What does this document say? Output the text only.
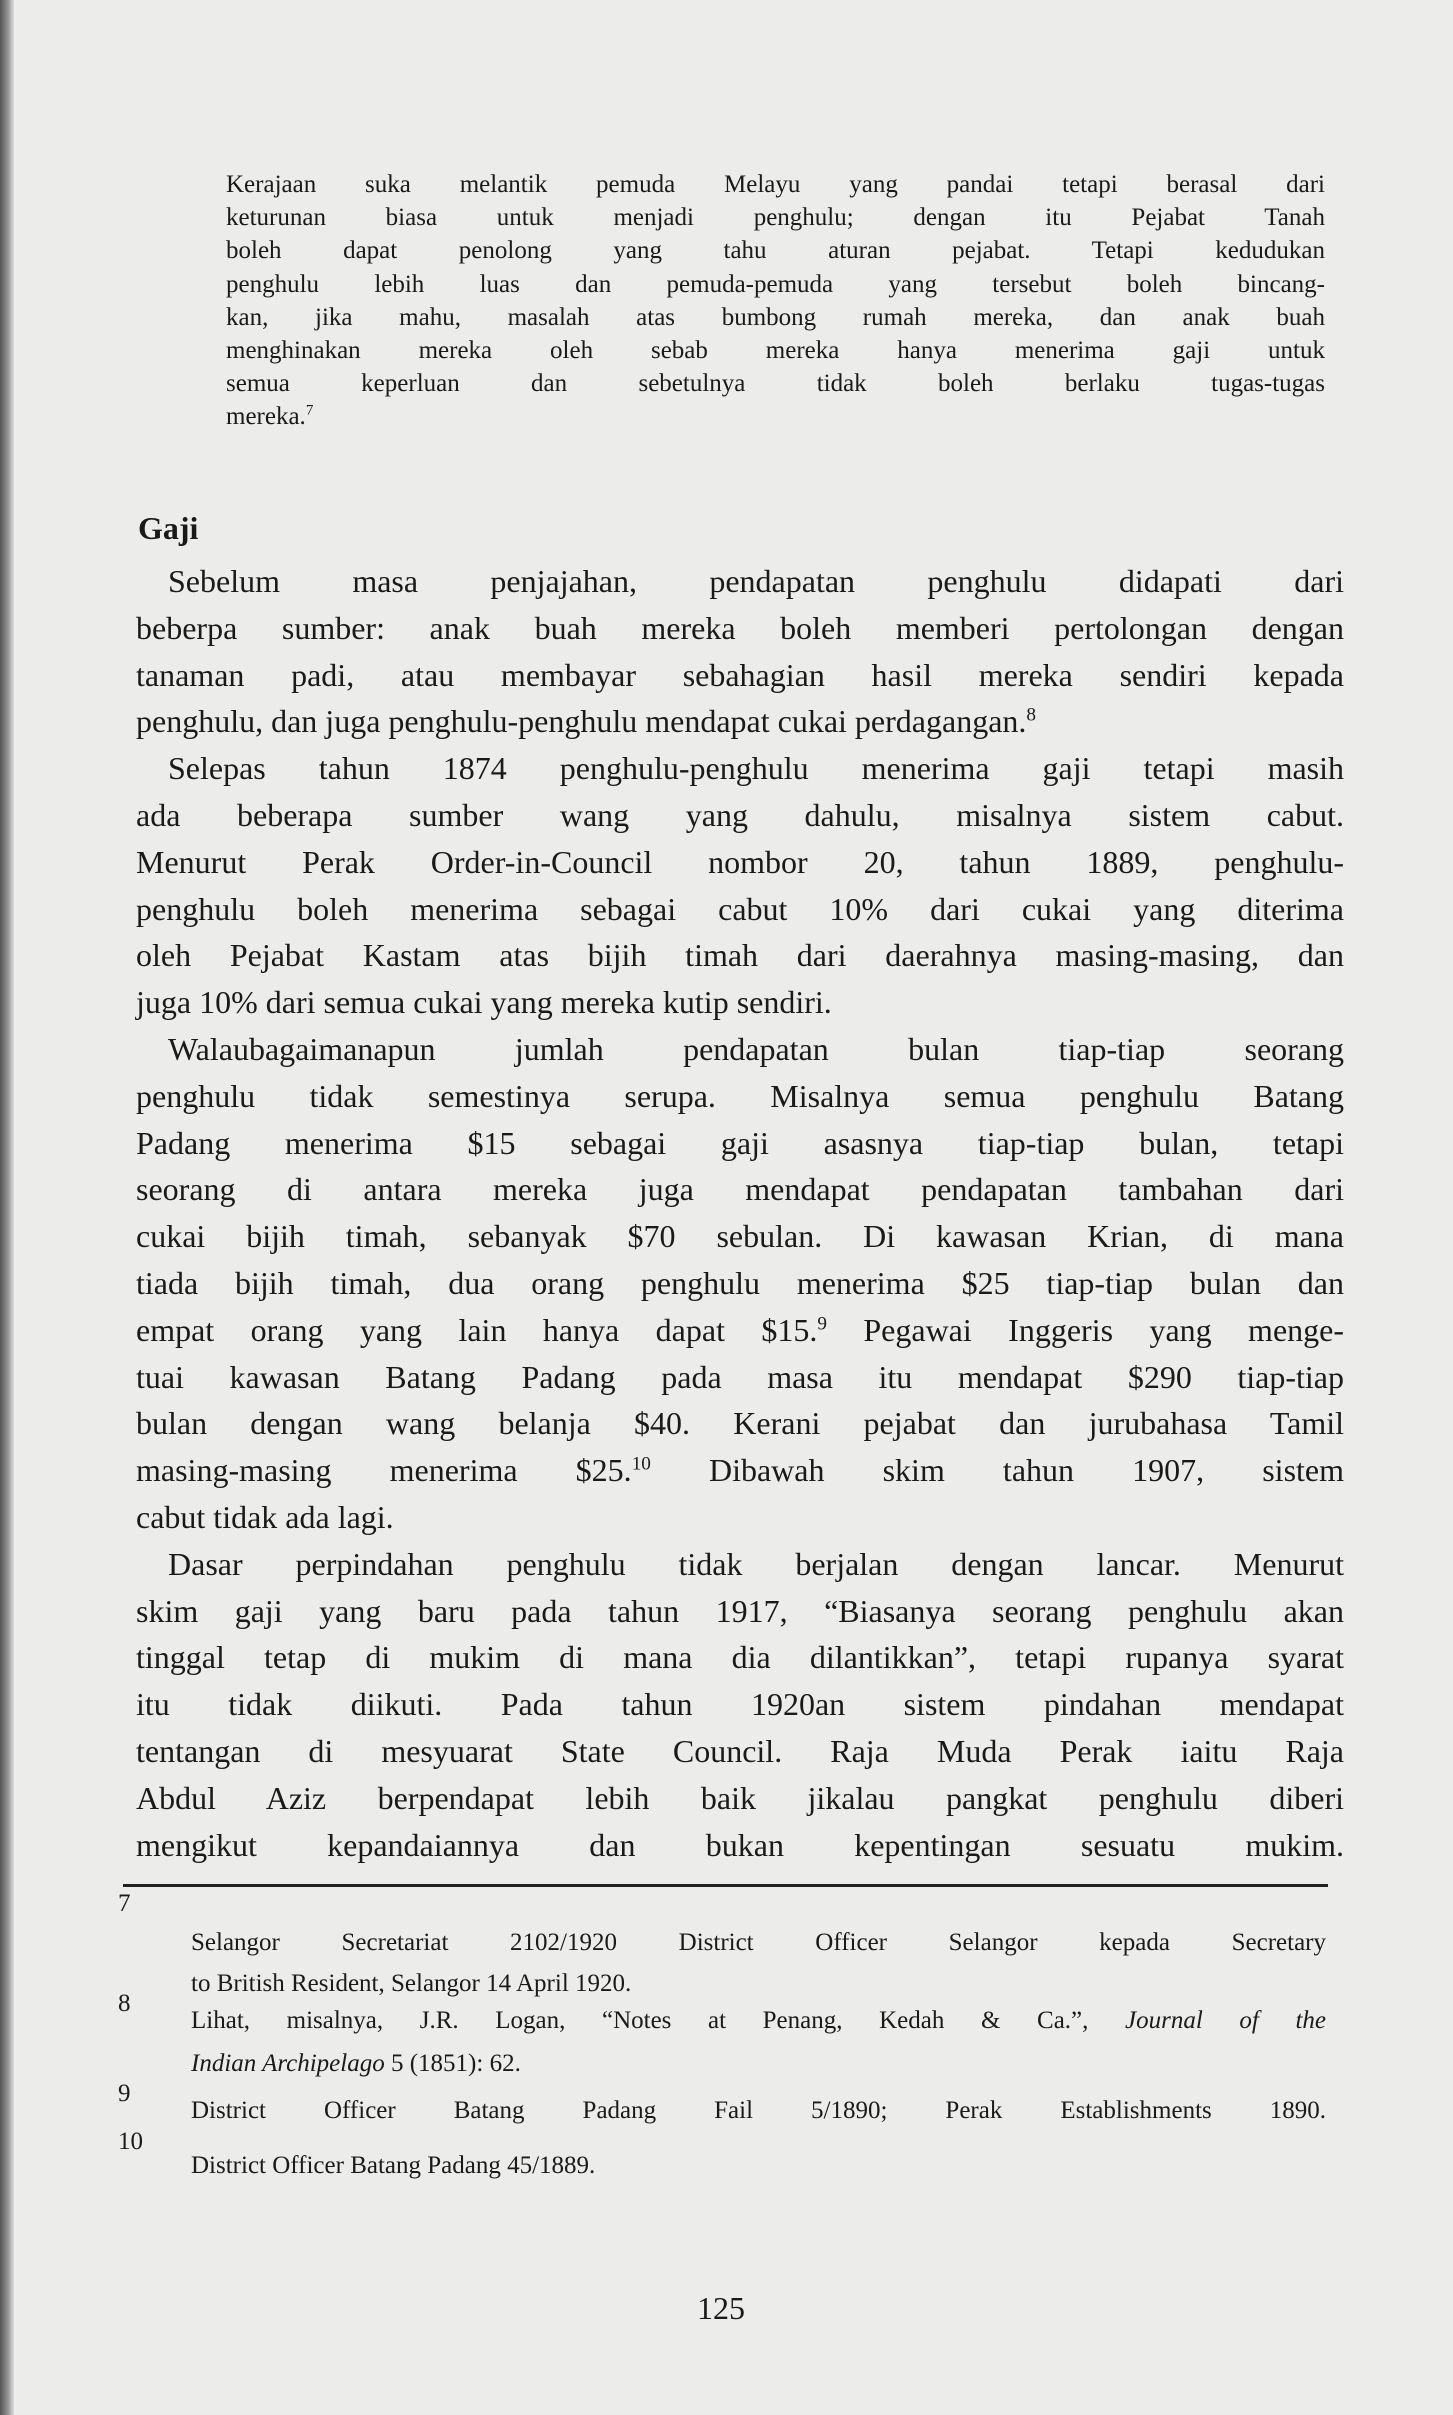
Kerajaan suka melantik pemuda Melayu yang pandai tetapi berasal dari
keturunan biasa untuk menjadi penghulu; dengan itu Pejabat Tanah
boleh dapat penolong yang tahu aturan pejabat. Tetapi kedudukan
penghulu lebih luas dan pemuda-pemuda yang tersebut boleh bincang-
kan, jika mahu, masalah atas bumbong rumah mereka, dan anak buah
menghinakan mereka oleh sebab mereka hanya menerima gaji untuk
semua keperluan dan sebetulnya tidak boleh berlaku tugas-tugas
mereka.$^7$
Gaji
 Sebelum masa penjajahan, pendapatan penghulu didapati dari
beberpa sumber: anak buah mereka boleh memberi pertolongan dengan
tanaman padi, atau membayar sebahagian hasil mereka sendiri kepada
penghulu, dan juga penghulu-penghulu mendapat cukai perdagangan.$^8$
 Selepas tahun 1874 penghulu-penghulu menerima gaji tetapi masih
ada beberapa sumber wang yang dahulu, misalnya sistem cabut.
Menurut Perak Order-in-Council nombor 20, tahun 1889, penghulu-
penghulu boleh menerima sebagai cabut 10% dari cukai yang diterima
oleh Pejabat Kastam atas bijih timah dari daerahnya masing-masing, dan
juga 10% dari semua cukai yang mereka kutip sendiri.
 Walaubagaimanapun jumlah pendapatan bulan tiap-tiap seorang
penghulu tidak semestinya serupa. Misalnya semua penghulu Batang
Padang menerima $15 sebagai gaji asasnya tiap-tiap bulan, tetapi
seorang di antara mereka juga mendapat pendapatan tambahan dari
cukai bijih timah, sebanyak $70 sebulan. Di kawasan Krian, di mana
tiada bijih timah, dua orang penghulu menerima $25 tiap-tiap bulan dan
empat orang yang lain hanya dapat $15.$^9$ Pegawai Inggeris yang menge-
tuai kawasan Batang Padang pada masa itu mendapat $290 tiap-tiap
bulan dengan wang belanja $40. Kerani pejabat dan jurubahasa Tamil
masing-masing menerima $25.10 Dibawah skim tahun 1907, sistem
cabut tidak ada lagi.
 Dasar perpindahan penghulu tidak berjalan dengan lancar. Menurut
skim gaji yang baru pada tahun 1917, “Biasanya seorang penghulu akan
tinggal tetap di mukim di mana dia dilantikkan”, tetapi rupanya syarat
itu tidak diikuti. Pada tahun 1920an sistem pindahan mendapat
tentangan di mesyuarat State Council. Raja Muda Perak iaitu Raja
Abdul Aziz berpendapat lebih baik jikalau pangkat penghulu diberi
mengikut kepandaiannya dan bukan kepentingan sesuatu mukim.
7
Selangor Secretariat 2102/1920 District Officer Selangor kepada Secretary
to British Resident, Selangor 14 April 1920.
8
Lihat, misalnya, J.R. Logan, “Notes at Penang, Kedah & Ca.”, Journal of the
Indian Archipelago 5 (1851): 62.
9
District Officer Batang Padang Fail 5/1890; Perak Establishments 1890.
10
District Officer Batang Padang 45/1889.
125
